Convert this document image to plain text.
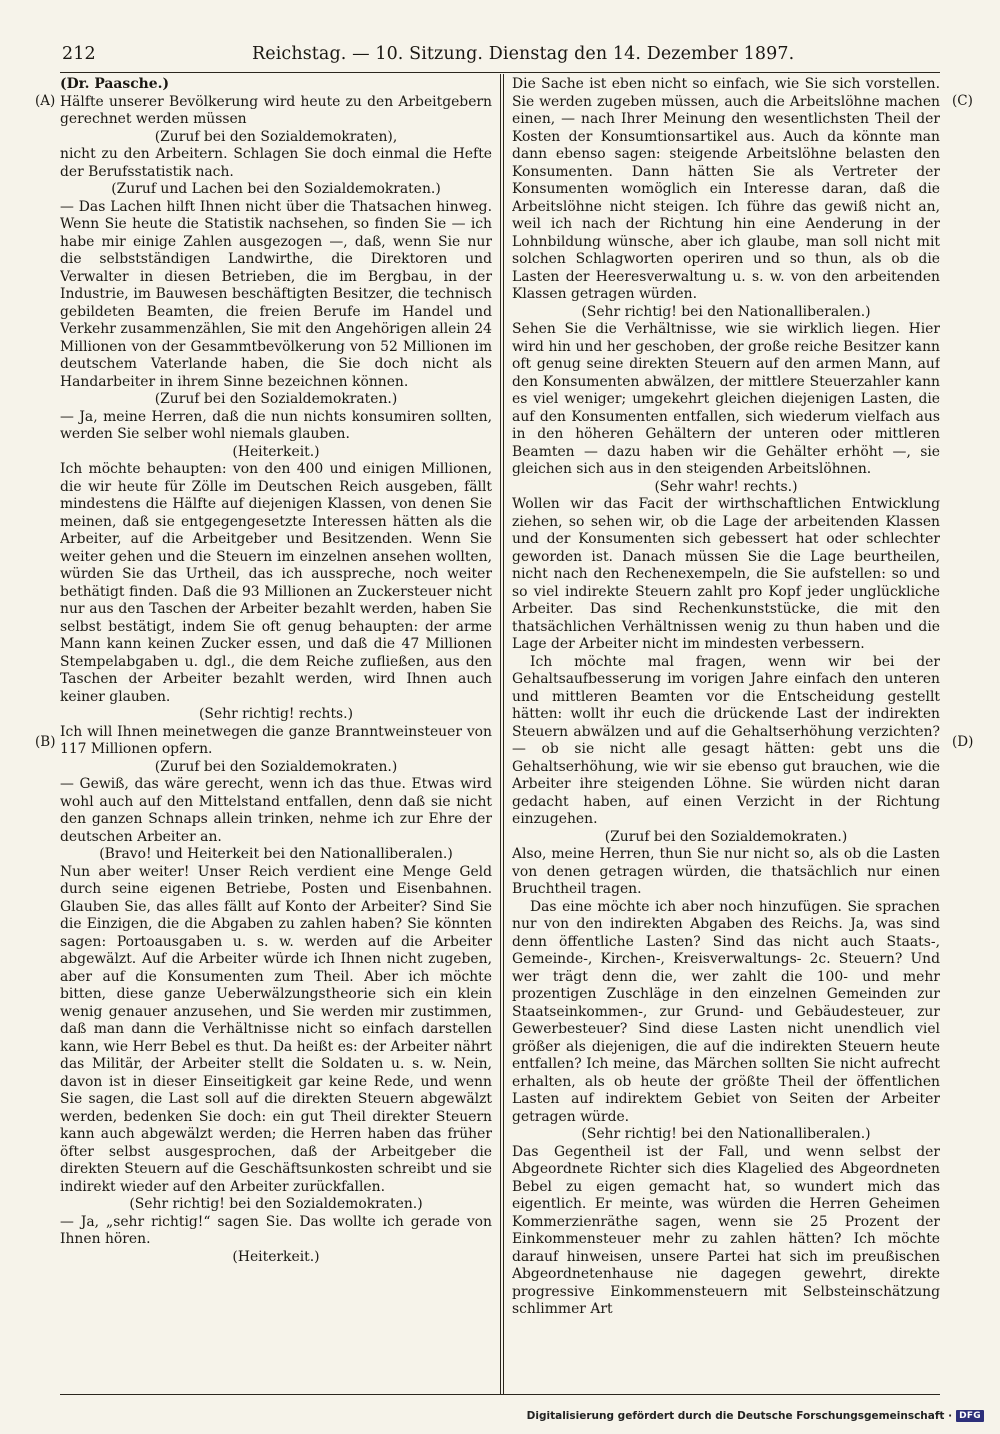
212	Reichstag. — 10. Sitzung. Dienstag den 14. Dezember 1897.
(A)
(B)
(C)
(D)

(Dr. Paasche.)

Hälfte unserer Bevölkerung wird heute zu den Arbeitgebern gerechnet werden müssen

(Zuruf bei den Sozialdemokraten),

nicht zu den Arbeitern. Schlagen Sie doch einmal die Hefte der Berufsstatistik nach.

(Zuruf und Lachen bei den Sozialdemokraten.)

— Das Lachen hilft Ihnen nicht über die Thatsachen hinweg. Wenn Sie heute die Statistik nachsehen, so finden Sie — ich habe mir einige Zahlen ausgezogen —, daß, wenn Sie nur die selbstständigen Landwirthe, die Direktoren und Verwalter in diesen Betrieben, die im Bergbau, in der Industrie, im Bauwesen beschäftigten Besitzer, die technisch gebildeten Beamten, die freien Berufe im Handel und Verkehr zusammenzählen, Sie mit den Angehörigen allein 24 Millionen von der Gesammtbevölkerung von 52 Millionen im deutschem Vaterlande haben, die Sie doch nicht als Handarbeiter in ihrem Sinne bezeichnen können.

(Zuruf bei den Sozialdemokraten.)

— Ja, meine Herren, daß die nun nichts konsumiren sollten, werden Sie selber wohl niemals glauben.

(Heiterkeit.)

Ich möchte behaupten: von den 400 und einigen Millionen, die wir heute für Zölle im Deutschen Reich ausgeben, fällt mindestens die Hälfte auf diejenigen Klassen, von denen Sie meinen, daß sie entgegengesetzte Interessen hätten als die Arbeiter, auf die Arbeitgeber und Besitzenden. Wenn Sie weiter gehen und die Steuern im einzelnen ansehen wollten, würden Sie das Urtheil, das ich ausspreche, noch weiter bethätigt finden. Daß die 93 Millionen an Zuckersteuer nicht nur aus den Taschen der Arbeiter bezahlt werden, haben Sie selbst bestätigt, indem Sie oft genug behaupten: der arme Mann kann keinen Zucker essen, und daß die 47 Millionen Stempelabgaben u. dgl., die dem Reiche zufließen, aus den Taschen der Arbeiter bezahlt werden, wird Ihnen auch keiner glauben.

(Sehr richtig! rechts.)

Ich will Ihnen meinetwegen die ganze Branntweinsteuer von 117 Millionen opfern.

(Zuruf bei den Sozialdemokraten.)

— Gewiß, das wäre gerecht, wenn ich das thue. Etwas wird wohl auch auf den Mittelstand entfallen, denn daß sie nicht den ganzen Schnaps allein trinken, nehme ich zur Ehre der deutschen Arbeiter an.

(Bravo! und Heiterkeit bei den Nationalliberalen.)

Nun aber weiter! Unser Reich verdient eine Menge Geld durch seine eigenen Betriebe, Posten und Eisenbahnen. Glauben Sie, das alles fällt auf Konto der Arbeiter? Sind Sie die Einzigen, die die Abgaben zu zahlen haben? Sie könnten sagen: Portoausgaben u. s. w. werden auf die Arbeiter abgewälzt. Auf die Arbeiter würde ich Ihnen nicht zugeben, aber auf die Konsumenten zum Theil. Aber ich möchte bitten, diese ganze Ueberwälzungstheorie sich ein klein wenig genauer anzusehen, und Sie werden mir zustimmen, daß man dann die Verhältnisse nicht so einfach darstellen kann, wie Herr Bebel es thut. Da heißt es: der Arbeiter nährt das Militär, der Arbeiter stellt die Soldaten u. s. w. Nein, davon ist in dieser Einseitigkeit gar keine Rede, und wenn Sie sagen, die Last soll auf die direkten Steuern abgewälzt werden, bedenken Sie doch: ein gut Theil direkter Steuern kann auch abgewälzt werden; die Herren haben das früher öfter selbst ausgesprochen, daß der Arbeitgeber die direkten Steuern auf die Geschäftsunkosten schreibt und sie indirekt wieder auf den Arbeiter zurückfallen.

(Sehr richtig! bei den Sozialdemokraten.)

— Ja, „sehr richtig!“ sagen Sie. Das wollte ich gerade von Ihnen hören.

(Heiterkeit.)

Die Sache ist eben nicht so einfach, wie Sie sich vorstellen. Sie werden zugeben müssen, auch die Arbeitslöhne machen einen, — nach Ihrer Meinung den wesentlichsten Theil der Kosten der Konsumtionsartikel aus. Auch da könnte man dann ebenso sagen: steigende Arbeitslöhne belasten den Konsumenten. Dann hätten Sie als Vertreter der Konsumenten womöglich ein Interesse daran, daß die Arbeitslöhne nicht steigen. Ich führe das gewiß nicht an, weil ich nach der Richtung hin eine Aenderung in der Lohnbildung wünsche, aber ich glaube, man soll nicht mit solchen Schlagworten operiren und so thun, als ob die Lasten der Heeresverwaltung u. s. w. von den arbeitenden Klassen getragen würden.

(Sehr richtig! bei den Nationalliberalen.)

Sehen Sie die Verhältnisse, wie sie wirklich liegen. Hier wird hin und her geschoben, der große reiche Besitzer kann oft genug seine direkten Steuern auf den armen Mann, auf den Konsumenten abwälzen, der mittlere Steuerzahler kann es viel weniger; umgekehrt gleichen diejenigen Lasten, die auf den Konsumenten entfallen, sich wiederum vielfach aus in den höheren Gehältern der unteren oder mittleren Beamten — dazu haben wir die Gehälter erhöht —, sie gleichen sich aus in den steigenden Arbeitslöhnen.

(Sehr wahr! rechts.)

Wollen wir das Facit der wirthschaftlichen Entwicklung ziehen, so sehen wir, ob die Lage der arbeitenden Klassen und der Konsumenten sich gebessert hat oder schlechter geworden ist. Danach müssen Sie die Lage beurtheilen, nicht nach den Rechenexempeln, die Sie aufstellen: so und so viel indirekte Steuern zahlt pro Kopf jeder unglückliche Arbeiter. Das sind Rechenkunststücke, die mit den thatsächlichen Verhältnissen wenig zu thun haben und die Lage der Arbeiter nicht im mindesten verbessern.

Ich möchte mal fragen, wenn wir bei der Gehaltsaufbesserung im vorigen Jahre einfach den unteren und mittleren Beamten vor die Entscheidung gestellt hätten: wollt ihr euch die drückende Last der indirekten Steuern abwälzen und auf die Gehaltserhöhung verzichten? — ob sie nicht alle gesagt hätten: gebt uns die Gehaltserhöhung, wie wir sie ebenso gut brauchen, wie die Arbeiter ihre steigenden Löhne. Sie würden nicht daran gedacht haben, auf einen Verzicht in der Richtung einzugehen.

(Zuruf bei den Sozialdemokraten.)

Also, meine Herren, thun Sie nur nicht so, als ob die Lasten von denen getragen würden, die thatsächlich nur einen Bruchtheil tragen.

Das eine möchte ich aber noch hinzufügen. Sie sprachen nur von den indirekten Abgaben des Reichs. Ja, was sind denn öffentliche Lasten? Sind das nicht auch Staats-, Gemeinde-, Kirchen-, Kreisverwaltungs- 2c. Steuern? Und wer trägt denn die, wer zahlt die 100- und mehr prozentigen Zuschläge in den einzelnen Gemeinden zur Staatseinkommen-, zur Grund- und Gebäudesteuer, zur Gewerbesteuer? Sind diese Lasten nicht unendlich viel größer als diejenigen, die auf die indirekten Steuern heute entfallen? Ich meine, das Märchen sollten Sie nicht aufrecht erhalten, als ob heute der größte Theil der öffentlichen Lasten auf indirektem Gebiet von Seiten der Arbeiter getragen würde.

(Sehr richtig! bei den Nationalliberalen.)

Das Gegentheil ist der Fall, und wenn selbst der Abgeordnete Richter sich dies Klagelied des Abgeordneten Bebel zu eigen gemacht hat, so wundert mich das eigentlich. Er meinte, was würden die Herren Geheimen Kommerzienräthe sagen, wenn sie 25 Prozent der Einkommensteuer mehr zu zahlen hätten? Ich möchte darauf hinweisen, unsere Partei hat sich im preußischen Abgeordnetenhause nie dagegen gewehrt, direkte progressive Einkommensteuern mit Selbsteinschätzung schlimmer Art

Digitalisierung gefördert durch die Deutsche Forschungsgemeinschaft · DFG
